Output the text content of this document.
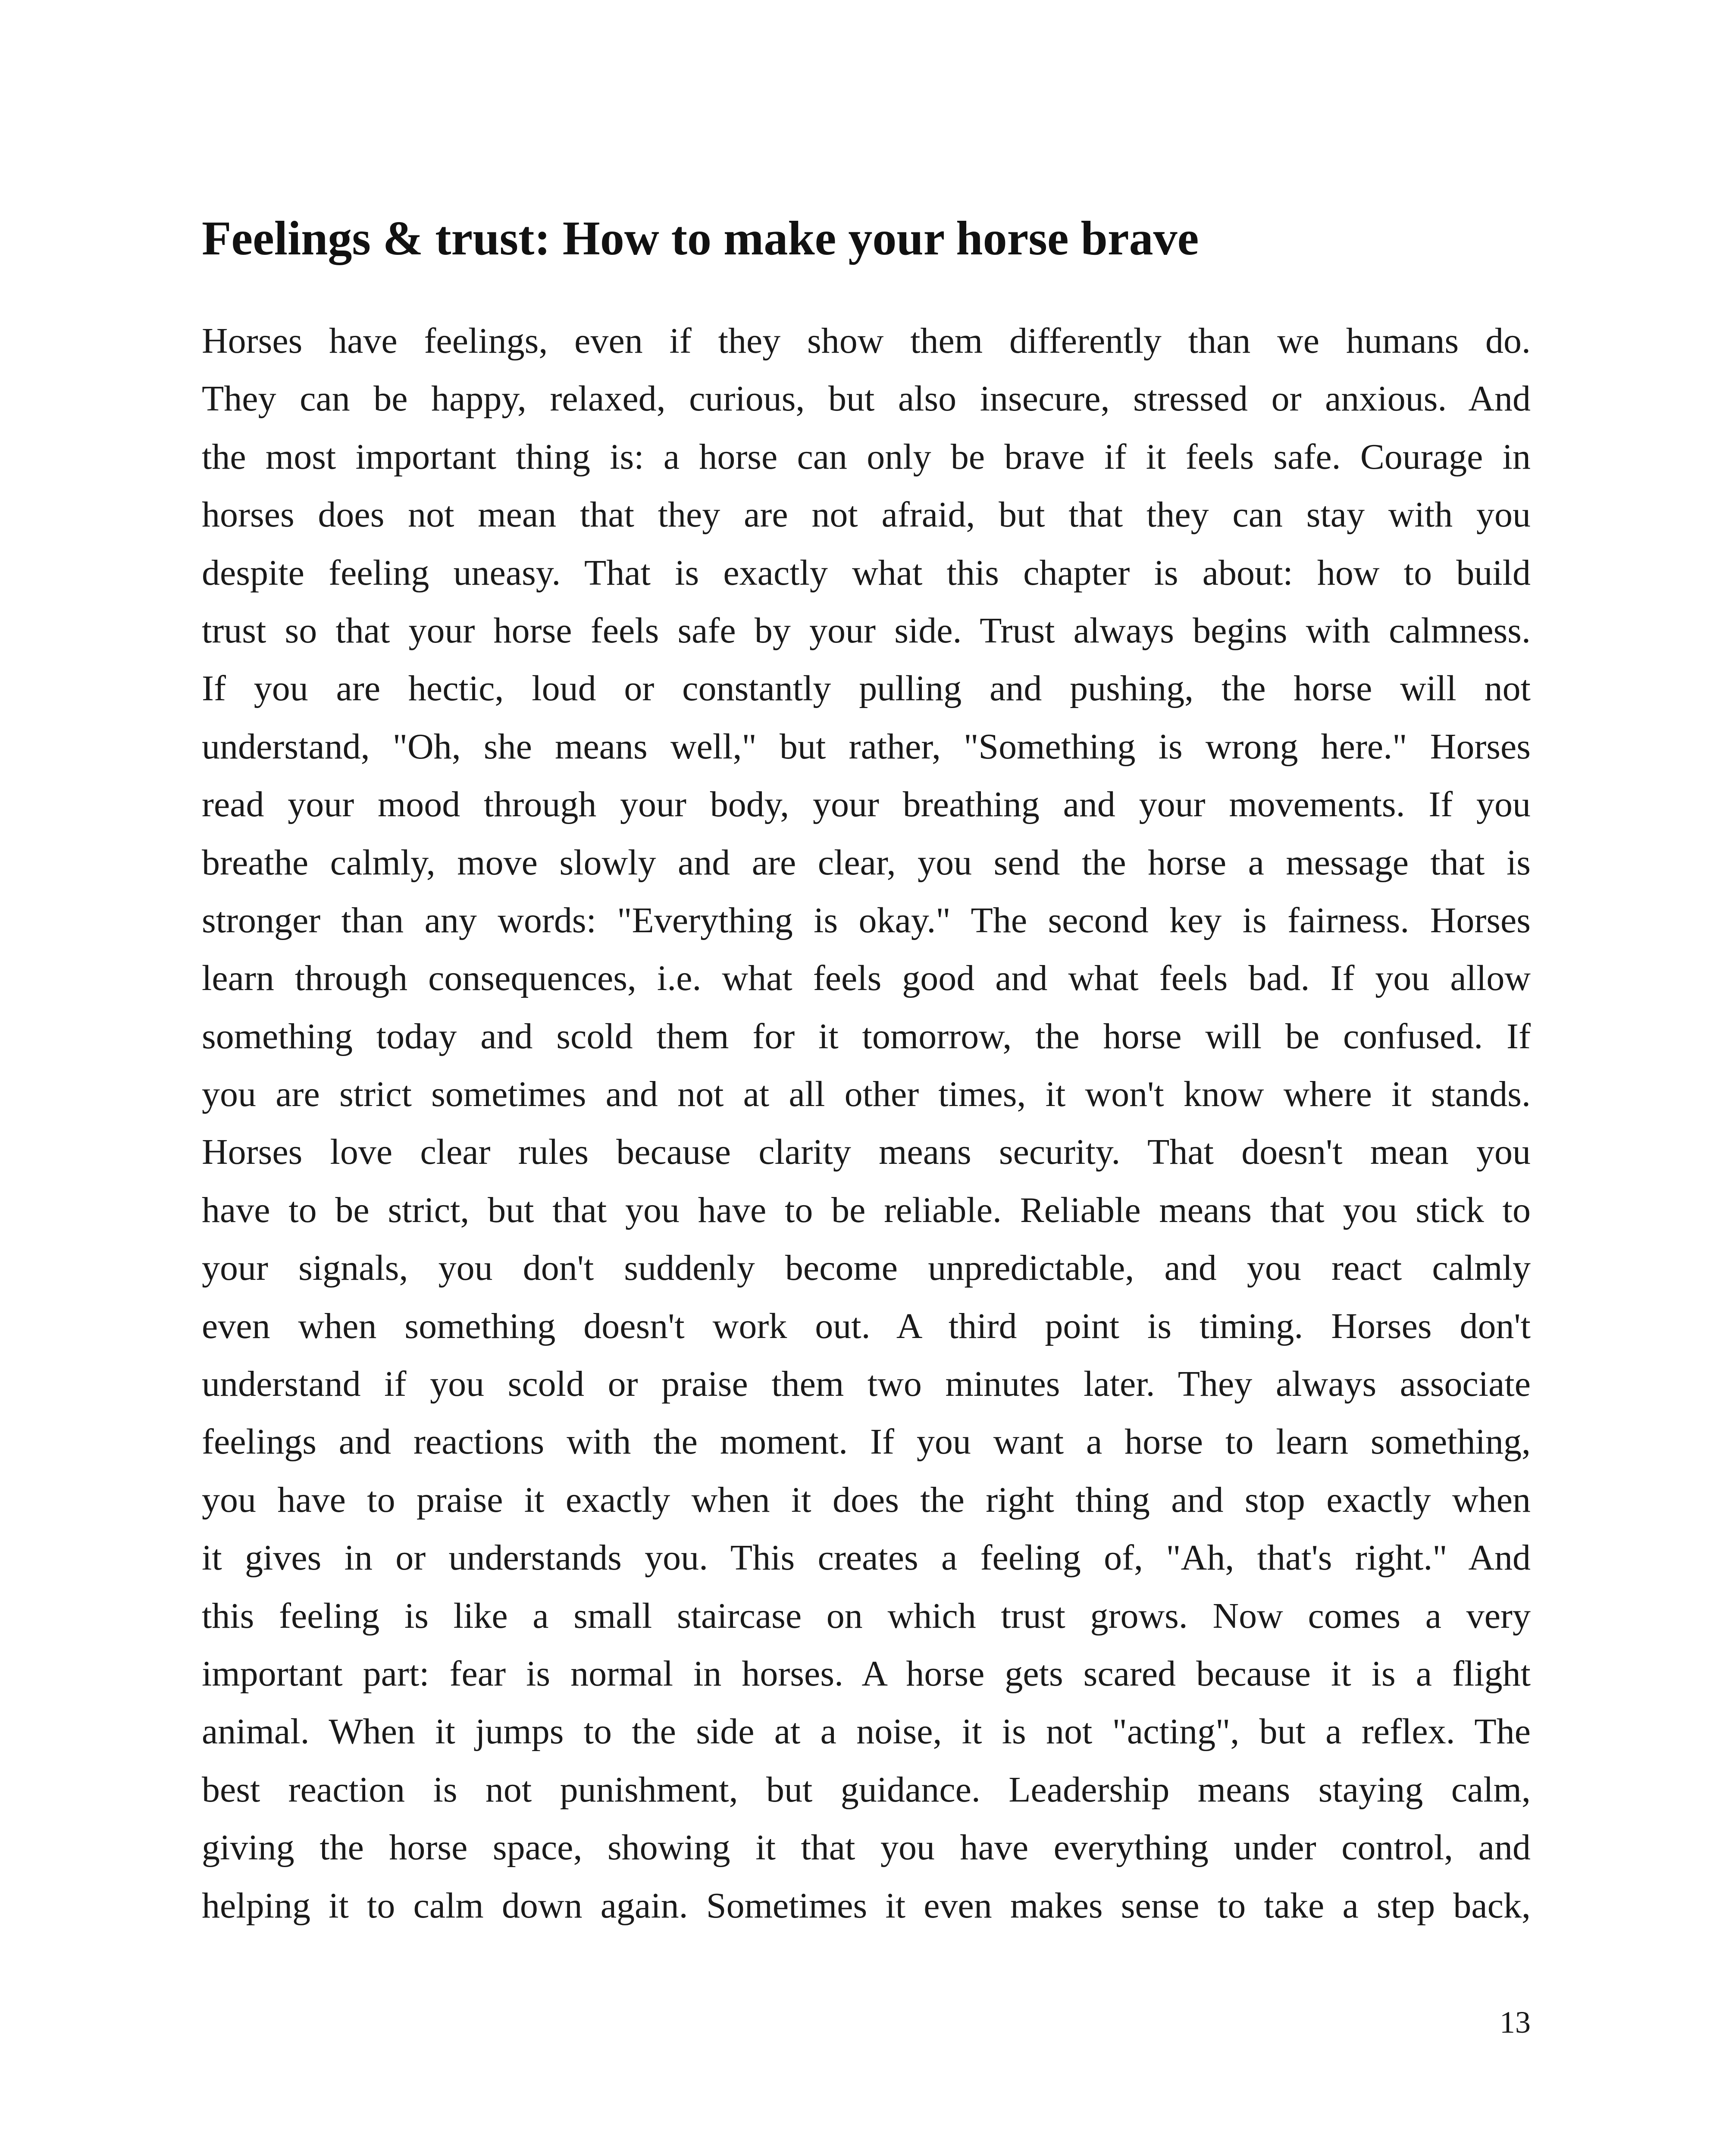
Feelings & trust: How to make your horse brave
Horses have feelings, even if they show them differently than we humans do.
They can be happy, relaxed, curious, but also insecure, stressed or anxious. And
the most important thing is: a horse can only be brave if it feels safe. Courage in
horses does not mean that they are not afraid, but that they can stay with you
despite feeling uneasy. That is exactly what this chapter is about: how to build
trust so that your horse feels safe by your side. Trust always begins with calmness.
If you are hectic, loud or constantly pulling and pushing, the horse will not
understand, "Oh, she means well," but rather, "Something is wrong here." Horses
read your mood through your body, your breathing and your movements. If you
breathe calmly, move slowly and are clear, you send the horse a message that is
stronger than any words: "Everything is okay." The second key is fairness. Horses
learn through consequences, i.e. what feels good and what feels bad. If you allow
something today and scold them for it tomorrow, the horse will be confused. If
you are strict sometimes and not at all other times, it won't know where it stands.
Horses love clear rules because clarity means security. That doesn't mean you
have to be strict, but that you have to be reliable. Reliable means that you stick to
your signals, you don't suddenly become unpredictable, and you react calmly
even when something doesn't work out. A third point is timing. Horses don't
understand if you scold or praise them two minutes later. They always associate
feelings and reactions with the moment. If you want a horse to learn something,
you have to praise it exactly when it does the right thing and stop exactly when
it gives in or understands you. This creates a feeling of, "Ah, that's right." And
this feeling is like a small staircase on which trust grows. Now comes a very
important part: fear is normal in horses. A horse gets scared because it is a flight
animal. When it jumps to the side at a noise, it is not "acting", but a reflex. The
best reaction is not punishment, but guidance. Leadership means staying calm,
giving the horse space, showing it that you have everything under control, and
helping it to calm down again. Sometimes it even makes sense to take a step back,
13
